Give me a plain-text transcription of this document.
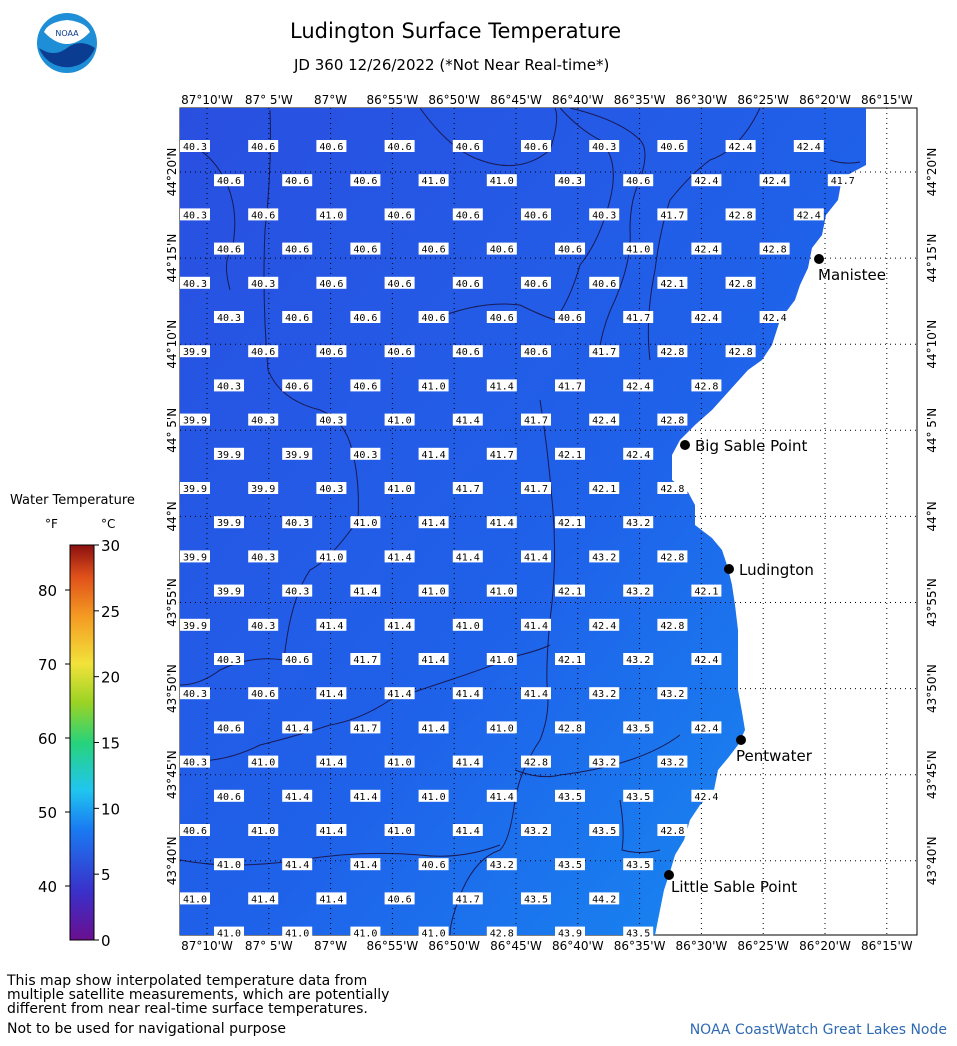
NOAA	Ludington Surface Temperature
JD 360 12/26/2022 (*Not Near Real-time*)
87°10'W 87° 5'W 87°W 86°55'W 86°50'W 86°45'W 86°40'W 86°35'W 86°30'W 86°25'W 86°20'W 86°15'W
87°10'W 87° 5'W 87°W 86°55'W 86°50'W 86°45'W 86°40'W 86°35'W 86°30'W 86°25'W 86°20'W 86°15'W
44°20'N
44°15'N
44°10'N
44° 5'N
44°N
43°55'N
43°50'N
43°45'N
43°40'N
44°20'N
44°15'N
44°10'N
44° 5'N
44°N
43°55'N
43°50'N
43°45'N
43°40'N
40.3	40.6	40.6	40.6	40.6	40.6	40.3	40.6	42.4	42.4
40.6	40.6	40.6	41.0	41.0	40.3	40.6	42.4	42.4	41.7
40.3	40.6	41.0	40.6	40.6	40.6	40.3	41.7	42.8	42.4
40.6	40.6	40.6	40.6	40.6	40.6	41.0	42.4	42.8
40.3	40.3	40.6	40.6	40.6	40.6	40.6	42.1	42.8
40.3	40.6	40.6	40.6	40.6	40.6	41.7	42.4	42.4
39.9	40.6	40.6	40.6	40.6	40.6	41.7	42.8	42.8
40.3	40.6	40.6	41.0	41.4	41.7	42.4	42.8
39.9	40.3	40.3	41.0	41.4	41.7	42.4	42.8
39.9	39.9	40.3	41.4	41.7	42.1	42.4
39.9	39.9	40.3	41.0	41.7	41.7	42.1	42.8
39.9	40.3	41.0	41.4	41.4	42.1	43.2
39.9	40.3	41.0	41.4	41.4	41.4	43.2	42.8
39.9	40.3	41.4	41.0	41.0	42.1	43.2	42.1
39.9	40.3	41.4	41.4	41.0	41.4	42.4	42.8
40.3	40.6	41.7	41.4	41.0	42.1	43.2	42.4
40.3	40.6	41.4	41.4	41.4	41.4	43.2	43.2
40.6	41.4	41.7	41.4	41.0	42.8	43.5	42.4
40.3	41.0	41.4	41.0	41.4	42.8	43.2	43.2
40.6	41.4	41.4	41.0	41.4	43.5	43.5	42.4
40.6	41.0	41.4	41.0	41.4	43.2	43.5	42.8
41.0	41.4	41.4	40.6	43.2	43.5	43.5
41.0	41.4	41.4	40.6	41.7	43.5	44.2
41.0	41.0	41.0	41.0	42.8	43.9	43.5
Manistee
Big Sable Point
Ludington
Pentwater
Little Sable Point
30
25
20
15
10
5
0
80
70
60
50
40
Water Temperature
°F	°C
This map show interpolated temperature data from
multiple satellite measurements, which are potentially
different from near real-time surface temperatures.
Not to be used for navigational purpose	NOAA CoastWatch Great Lakes Node
